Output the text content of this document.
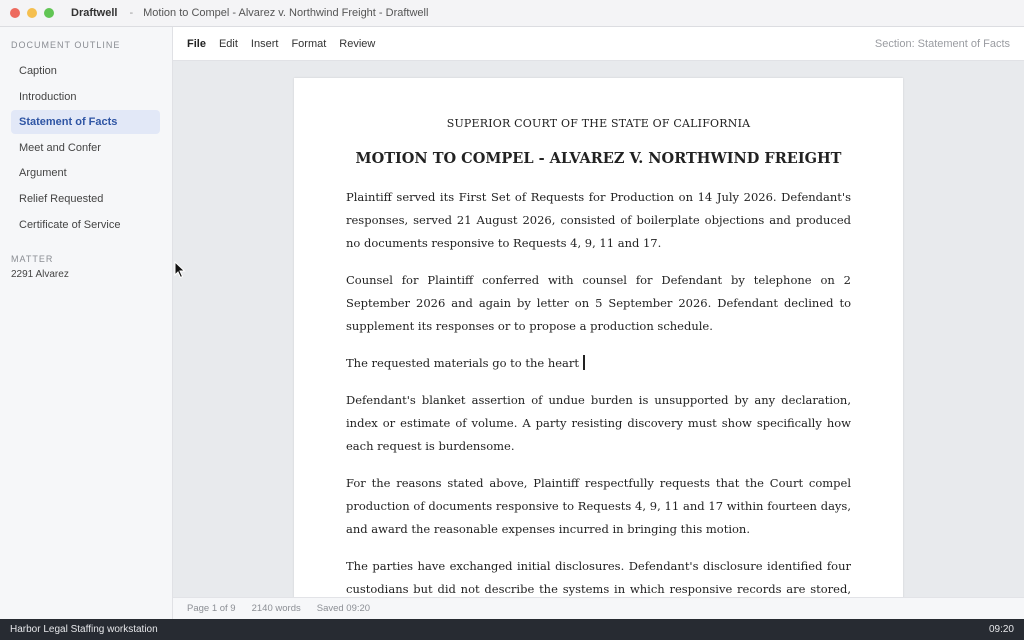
Draftwell - Motion to Compel - Alvarez v. Northwind Freight - Draftwell
DOCUMENT OUTLINE
Caption
Introduction
Statement of Facts
Meet and Confer
Argument
Relief Requested
Certificate of Service
MATTER
2291 Alvarez
File Edit Insert Format Review	Section: Statement of Facts
SUPERIOR COURT OF THE STATE OF CALIFORNIA
MOTION TO COMPEL - ALVAREZ V. NORTHWIND FREIGHT

Plaintiff served its First Set of Requests for Production on 14 July 2026. Defendant's responses, served 21 August 2026, consisted of boilerplate objections and produced no documents responsive to Requests 4, 9, 11 and 17.

Counsel for Plaintiff conferred with counsel for Defendant by telephone on 2 September 2026 and again by letter on 5 September 2026. Defendant declined to supplement its responses or to propose a production schedule.

The requested materials go to the heart

Defendant's blanket assertion of undue burden is unsupported by any declaration, index or estimate of volume. A party resisting discovery must show specifically how each request is burdensome.

For the reasons stated above, Plaintiff respectfully requests that the Court compel production of documents responsive to Requests 4, 9, 11 and 17 within fourteen days, and award the reasonable expenses incurred in bringing this motion.

The parties have exchanged initial disclosures. Defendant's disclosure identified four custodians but did not describe the systems in which responsive records are stored,

Page 1 of 9 2140 words Saved 09:20
Harbor Legal Staffing workstation	09:20
